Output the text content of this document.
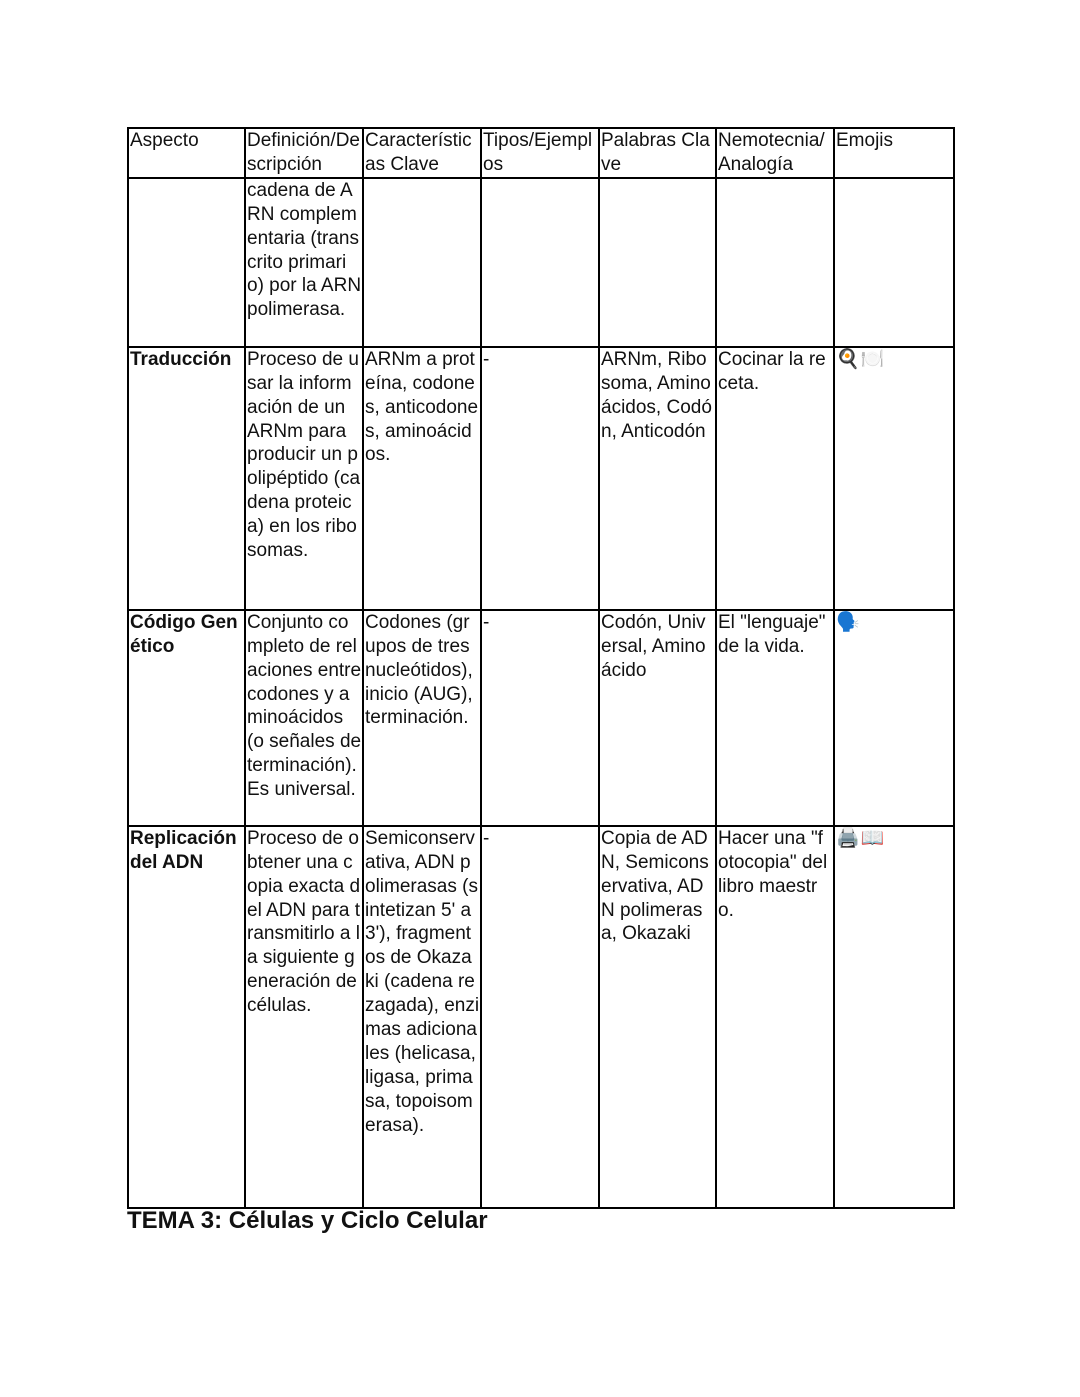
Aspecto	Definición/Descripción	Características Clave	Tipos/Ejemplos	Palabras Clave	Nemotecnia/Analogía	Emojis
	cadena de ARN complementaria (transcrito primario) por la ARN polimerasa.					
Traducción	Proceso de usar la información de un ARNm para producir un polipéptido (cadena proteica) en los ribosomas.	ARNm a proteína, codones, anticodones, aminoácidos.	-	ARNm, Ribosoma, Aminoácidos, Codón, Anticodón	Cocinar la receta.	🍳🍽️
Código Genético	Conjunto completo de relaciones entre codones y aminoácidos (o señales de terminación). Es universal.	Codones (grupos de tres nucleótidos), inicio (AUG), terminación.	-	Codón, Universal, Aminoácido	El "lenguaje" de la vida.	🗣️
Replicación del ADN	Proceso de obtener una copia exacta del ADN para transmitirlo a la siguiente generación de células.	Semiconservativa, ADN polimerasas (sintetizan 5' a 3'), fragmentos de Okazaki (cadena rezagada), enzimas adicionales (helicasa, ligasa, primasa, topoisomerasa).	-	Copia de ADN, Semiconservativa, ADN polimerasa, Okazaki	Hacer una "fotocopia" del libro maestro.	🖨️📖
TEMA 3: Células y Ciclo Celular
